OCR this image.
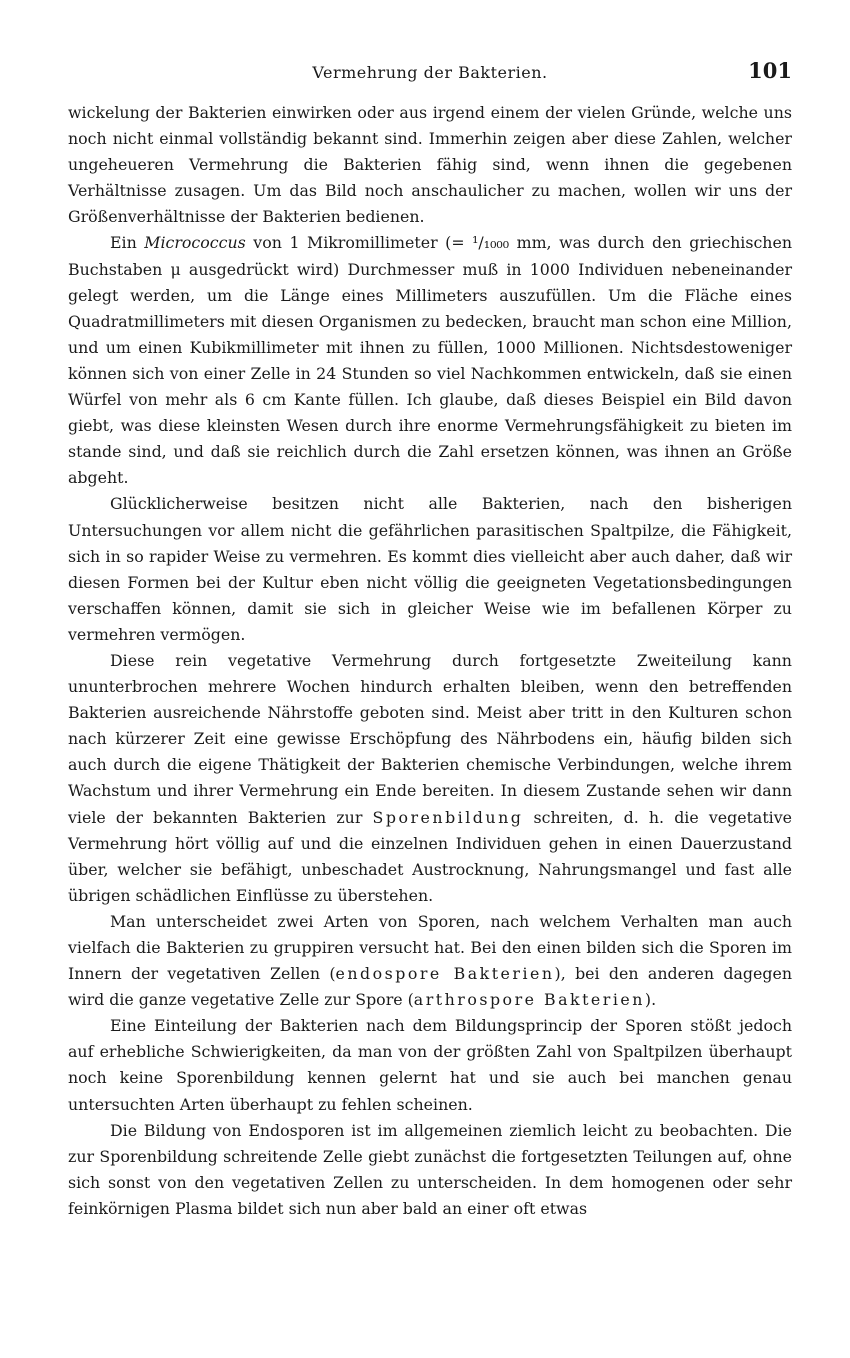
Vermehrung der Bakterien.	101

wickelung der Bakterien einwirken oder aus irgend einem der vielen Gründe, welche uns noch nicht einmal vollständig bekannt sind. Immerhin zeigen aber diese Zahlen, welcher ungeheueren Vermehrung die Bakterien fähig sind, wenn ihnen die gegebenen Verhältnisse zusagen. Um das Bild noch anschaulicher zu machen, wollen wir uns der Größenverhältnisse der Bakterien bedienen.

Ein Micrococcus von 1 Mikromillimeter (= ¹/₁₀₀₀ mm, was durch den griechischen Buchstaben μ ausgedrückt wird) Durchmesser muß in 1000 Individuen nebeneinander gelegt werden, um die Länge eines Millimeters auszufüllen. Um die Fläche eines Quadratmillimeters mit diesen Organismen zu bedecken, braucht man schon eine Million, und um einen Kubikmillimeter mit ihnen zu füllen, 1000 Millionen. Nichtsdestoweniger können sich von einer Zelle in 24 Stunden so viel Nachkommen entwickeln, daß sie einen Würfel von mehr als 6 cm Kante füllen. Ich glaube, daß dieses Beispiel ein Bild davon giebt, was diese kleinsten Wesen durch ihre enorme Vermehrungsfähigkeit zu bieten im stande sind, und daß sie reichlich durch die Zahl ersetzen können, was ihnen an Größe abgeht.

Glücklicherweise besitzen nicht alle Bakterien, nach den bisherigen Untersuchungen vor allem nicht die gefährlichen parasitischen Spaltpilze, die Fähigkeit, sich in so rapider Weise zu vermehren. Es kommt dies vielleicht aber auch daher, daß wir diesen Formen bei der Kultur eben nicht völlig die geeigneten Vegetationsbedingungen verschaffen können, damit sie sich in gleicher Weise wie im befallenen Körper zu vermehren vermögen.

Diese rein vegetative Vermehrung durch fortgesetzte Zweiteilung kann ununterbrochen mehrere Wochen hindurch erhalten bleiben, wenn den betreffenden Bakterien ausreichende Nährstoffe geboten sind. Meist aber tritt in den Kulturen schon nach kürzerer Zeit eine gewisse Erschöpfung des Nährbodens ein, häufig bilden sich auch durch die eigene Thätigkeit der Bakterien chemische Verbindungen, welche ihrem Wachstum und ihrer Vermehrung ein Ende bereiten. In diesem Zustande sehen wir dann viele der bekannten Bakterien zur Sporenbildung schreiten, d. h. die vegetative Vermehrung hört völlig auf und die einzelnen Individuen gehen in einen Dauerzustand über, welcher sie befähigt, unbeschadet Austrocknung, Nahrungsmangel und fast alle übrigen schädlichen Einflüsse zu überstehen.

Man unterscheidet zwei Arten von Sporen, nach welchem Verhalten man auch vielfach die Bakterien zu gruppiren versucht hat. Bei den einen bilden sich die Sporen im Innern der vegetativen Zellen (endospore Bakterien), bei den anderen dagegen wird die ganze vegetative Zelle zur Spore (arthrospore Bakterien).

Eine Einteilung der Bakterien nach dem Bildungsprincip der Sporen stößt jedoch auf erhebliche Schwierigkeiten, da man von der größten Zahl von Spaltpilzen überhaupt noch keine Sporenbildung kennen gelernt hat und sie auch bei manchen genau untersuchten Arten überhaupt zu fehlen scheinen.

Die Bildung von Endosporen ist im allgemeinen ziemlich leicht zu beobachten. Die zur Sporenbildung schreitende Zelle giebt zunächst die fortgesetzten Teilungen auf, ohne sich sonst von den vegetativen Zellen zu unterscheiden. In dem homogenen oder sehr feinkörnigen Plasma bildet sich nun aber bald an einer oft etwas
